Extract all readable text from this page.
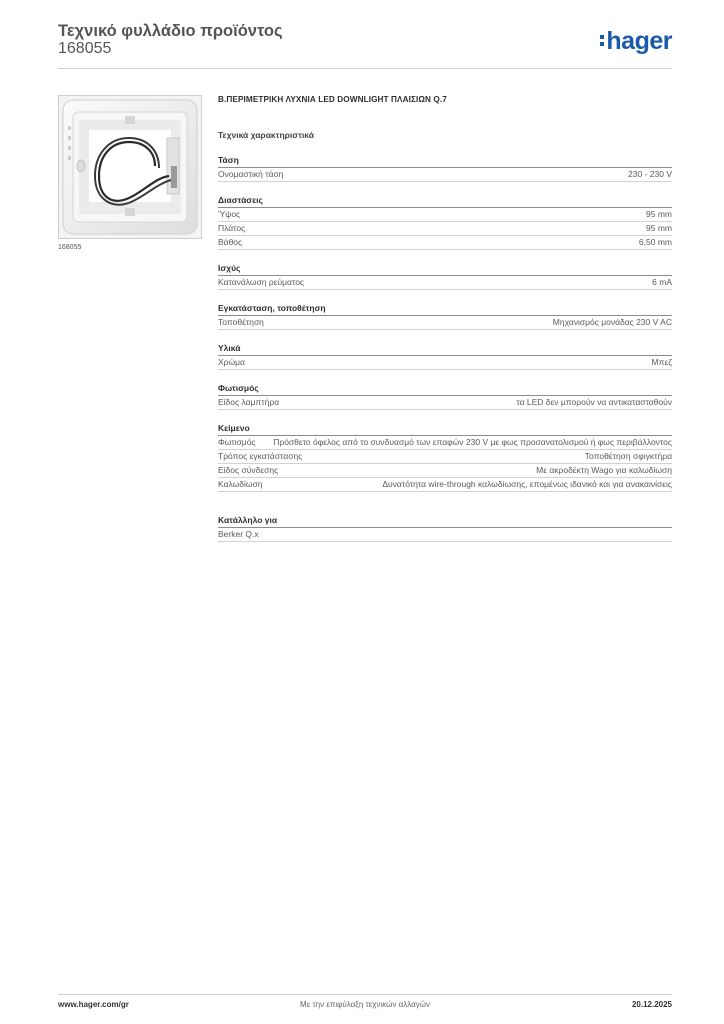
Τεχνικό φυλλάδιο προϊόντος
168055	hager
168055
Β.ΠΕΡΙΜΕΤΡΙΚΗ ΛΥΧΝΙΑ LED DOWNLIGHT ΠΛΑΙΣΙΩΝ Q.7
Τεχνικά χαρακτηριστικά
Τάση
Ονομαστική τάση	230 - 230 V
Διαστάσεις
Ύψος	95 mm
Πλάτος	95 mm
Βάθος	6,50 mm
Ισχύς
Κατανάλωση ρεύματος	6 mA
Εγκατάσταση, τοποθέτηση
Τοποθέτηση	Μηχανισμός μονάδας 230 V AC
Υλικά
Χρώμα	Μπεζ
Φωτισμός
Είδος λαμπτήρα	τα LED δεν μπορούν να αντικατασταθούν
Κείμενο
Φωτισμός Πρόσθετο όφελος από το συνδυασμό των επαφών 230 V με φως προσανατολισμού ή φως περιβάλλοντος
Τρόπος εγκατάστασης	Τοποθέτηση σφιγκτήρα
Είδος σύνδεσης	Με ακροδέκτη Wago για καλωδίωση
Καλωδίωση	Δυνατότητα wire-through καλωδίωσης, επομένως ιδανικό και για ανακαινίσεις
Κατάλληλο για
Berker Q.x
www.hager.com/gr	Με την επιφύλαξη τεχνικών αλλαγών	20.12.2025
